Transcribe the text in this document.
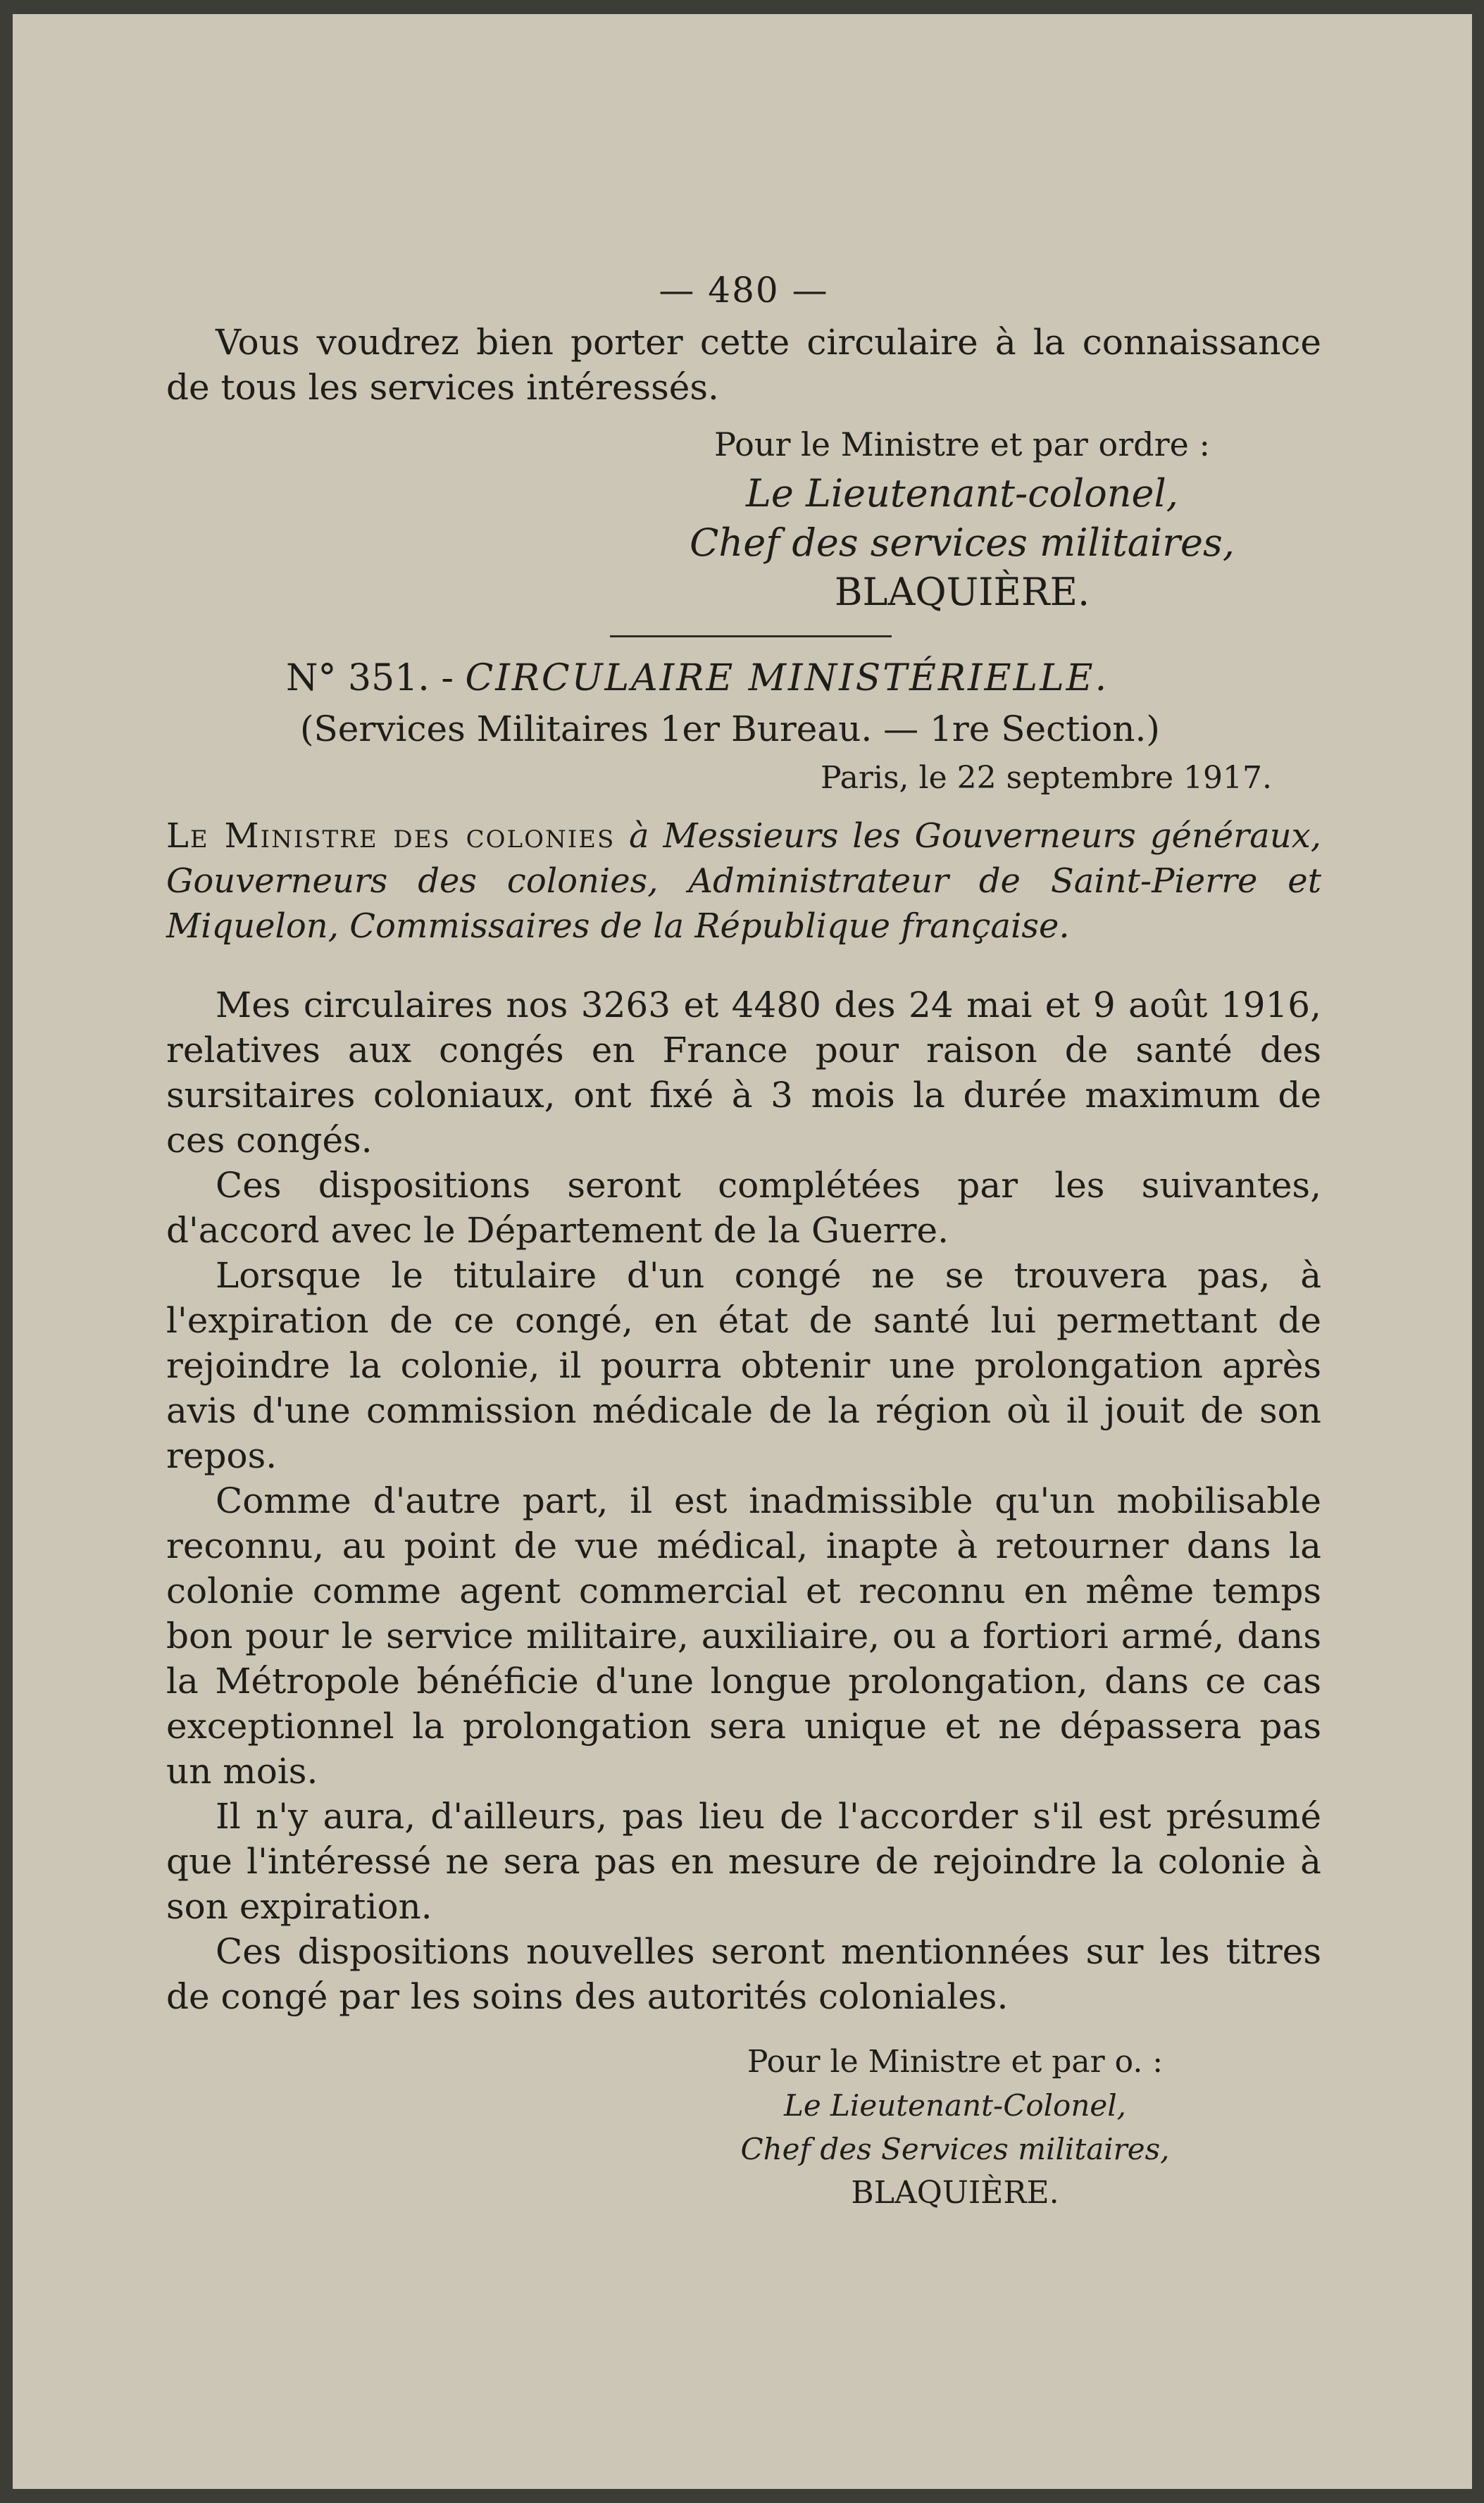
— 480 —

Vous voudrez bien porter cette circulaire à la connaissance de tous les services intéressés.

Pour le Ministre et par ordre :
Le Lieutenant-colonel,
Chef des services militaires,
BLAQUIÈRE.
N° 351. - CIRCULAIRE MINISTÉRIELLE.
(Services Militaires 1er Bureau. — 1re Section.)
Paris, le 22 septembre 1917.

Le Ministre des colonies à Messieurs les Gouverneurs généraux, Gouverneurs des colonies, Administrateur de Saint-Pierre et Miquelon, Commissaires de la République française.

Mes circulaires nos 3263 et 4480 des 24 mai et 9 août 1916, relatives aux congés en France pour raison de santé des sursitaires coloniaux, ont fixé à 3 mois la durée maximum de ces congés.

Ces dispositions seront complétées par les suivantes, d'accord avec le Département de la Guerre.

Lorsque le titulaire d'un congé ne se trouvera pas, à l'expiration de ce congé, en état de santé lui permettant de rejoindre la colonie, il pourra obtenir une prolongation après avis d'une commission médicale de la région où il jouit de son repos.

Comme d'autre part, il est inadmissible qu'un mobilisable reconnu, au point de vue médical, inapte à retourner dans la colonie comme agent commercial et reconnu en même temps bon pour le service militaire, auxiliaire, ou a fortiori armé, dans la Métropole bénéficie d'une longue prolongation, dans ce cas exceptionnel la prolongation sera unique et ne dépassera pas un mois.

Il n'y aura, d'ailleurs, pas lieu de l'accorder s'il est présumé que l'intéressé ne sera pas en mesure de rejoindre la colonie à son expiration.

Ces dispositions nouvelles seront mentionnées sur les titres de congé par les soins des autorités coloniales.

Pour le Ministre et par o. :
Le Lieutenant-Colonel,
Chef des Services militaires,
BLAQUIÈRE.
